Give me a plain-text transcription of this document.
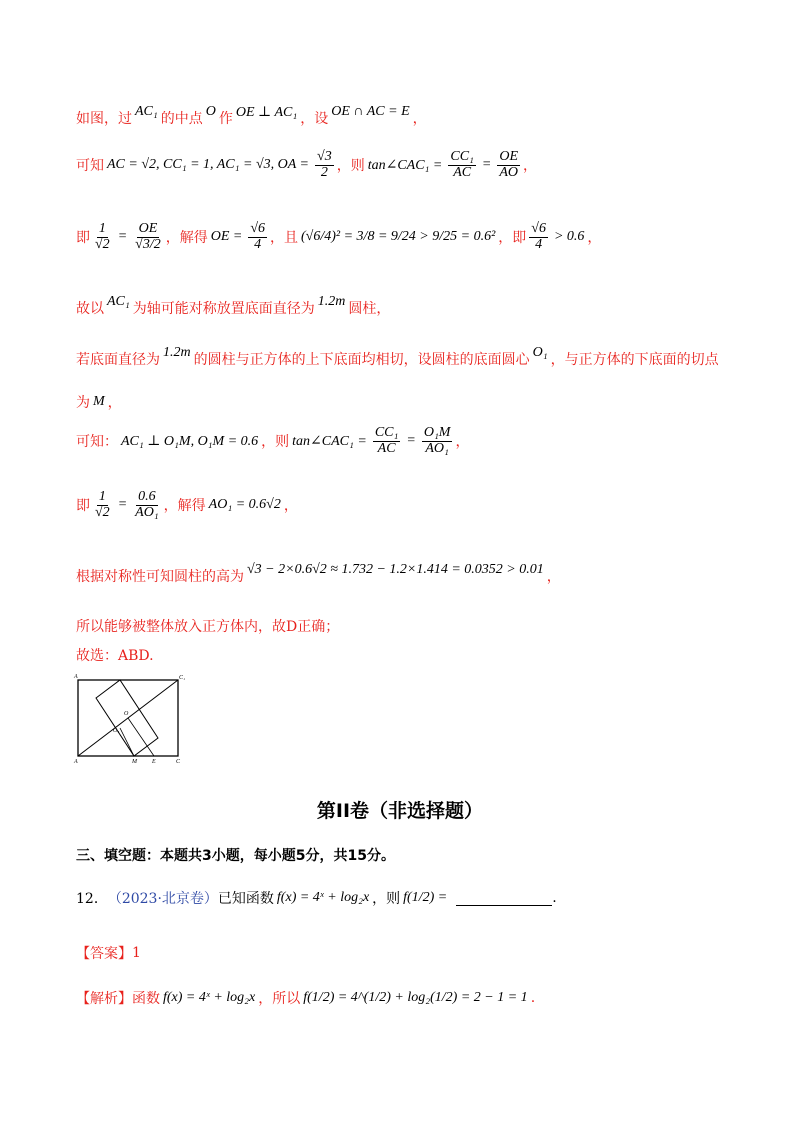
如图，过 AC₁ 的中点 O 作 OE ⊥ AC₁ ，设 OE ∩ AC = E ，
可知 AC = √2, CC₁ = 1, AC₁ = √3, OA = $\frac{√3}{2}$ ，则 tan∠CAC₁ = $\frac{\text{CC₁}}{AC} = \frac{OE}{AO}$ ，
即 $\frac{1}{√2} = \frac{OE}{√3/2}$ ，解得 OE = $\frac{√6}{4}$ ，且 (√6/4)² = 3/8 = 9/24 > 9/25 = 0.6² ，即 $\frac{√6}{4} > 0.6$ ，
故以 AC₁ 为轴可能对称放置底面直径为 1.2m 圆柱，
若底面直径为 1.2m 的圆柱与正方体的上下底面均相切，设圆柱的底面圆心 O₁ ，与正方体的下底面的切点
为 M ，
可知： AC₁ ⊥ O₁M, O₁M = 0.6 ，则 tan∠CAC₁ = $\frac{\text{CC₁}}{AC} = \frac{\text{O₁M}}{\text{AO₁}}$ ，
即 $\frac{1}{√2} = \frac{0.6}{\text{AO₁}}$ ，解得 AO₁ = 0.6√2 ，
根据对称性可知圆柱的高为 √3 − 2×0.6√2 ≈ 1.732 − 1.2×1.414 = 0.0352 > 0.01 ，
所以能够被整体放入正方体内，故D正确；
故选：ABD.
A	C₁
O
O₁
A	M	E	C
第II卷（非选择题）
三、填空题：本题共3小题，每小题5分，共15分。
12． （2023·北京卷） 已知函数 f(x) = 4ˣ + log₂x ，则 f(1/2) =	.
【答案】 1
【解析】 函数 f(x) = 4ˣ + log₂x ，所以 f(1/2) = 4^(1/2) + log₂(1/2) = 2 − 1 = 1 .
